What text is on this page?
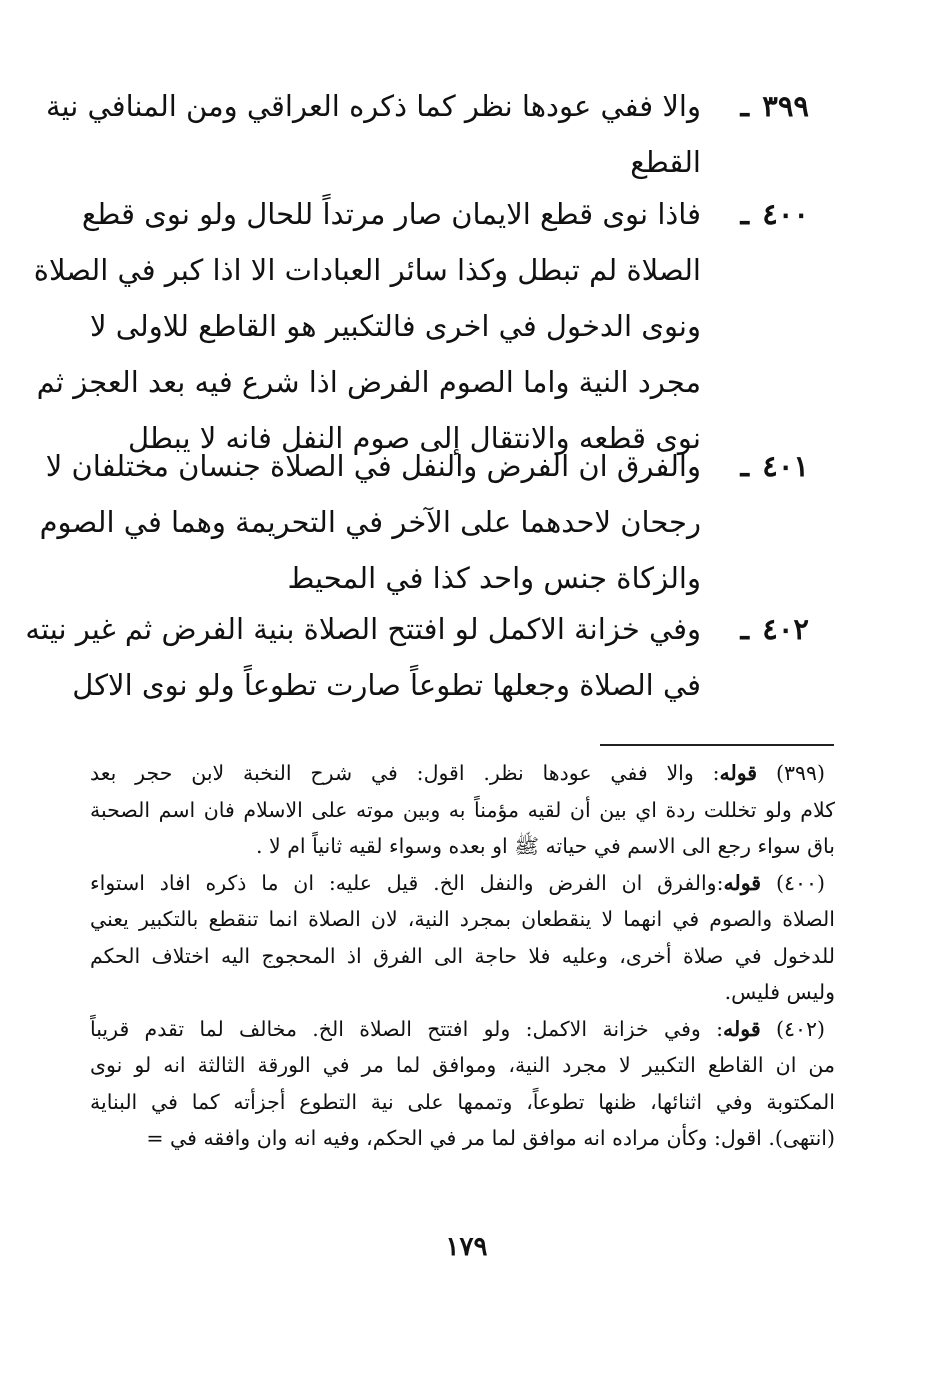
٣٩٩
ـ
والا ففي عودها نظر كما ذكره العراقي ومن المنافي نية
القطع
٤٠٠
ـ
فاذا نوى قطع الايمان صار مرتداً للحال ولو نوى قطع
الصلاة لم تبطل وكذا سائر العبادات الا اذا كبر في الصلاة
ونوى الدخول في اخرى فالتكبير هو القاطع للاولى لا
مجرد النية واما الصوم الفرض اذا شرع فيه بعد العجز ثم
نوى قطعه والانتقال إلى صوم النفل فانه لا يبطل
٤٠١
ـ
والفرق ان الفرض والنفل في الصلاة جنسان مختلفان لا
رجحان لاحدهما على الآخر في التحريمة وهما في الصوم
والزكاة جنس واحد كذا في المحيط
٤٠٢
ـ
وفي خزانة الاكمل لو افتتح الصلاة بنية الفرض ثم غير نيته
في الصلاة وجعلها تطوعاً صارت تطوعاً ولو نوى الاكل
(٣٩٩) قوله: والا ففي عودها نظر. اقول: في شرح النخبة لابن حجر بعد
كلام ولو تخللت ردة اي بين أن لقيه مؤمناً به وبين موته على الاسلام فان اسم الصحبة
باق سواء رجع الى الاسم في حياته ﷺ او بعده وسواء لقيه ثانياً ام لا .
(٤٠٠) قوله:والفرق ان الفرض والنفل الخ. قيل عليه: ان ما ذكره افاد استواء
الصلاة والصوم في انهما لا ينقطعان بمجرد النية، لان الصلاة انما تنقطع بالتكبير يعني
للدخول في صلاة أخرى، وعليه فلا حاجة الى الفرق اذ المحجوج اليه اختلاف الحكم
وليس فليس.
(٤٠٢) قوله: وفي خزانة الاكمل: ولو افتتح الصلاة الخ. مخالف لما تقدم قريباً
من ان القاطع التكبير لا مجرد النية، وموافق لما مر في الورقة الثالثة انه لو نوى
المكتوبة وفي اثنائها، ظنها تطوعاً، وتممها على نية التطوع أجزأته كما في البناية
(انتهى). اقول: وكأن مراده انه موافق لما مر في الحكم، وفيه انه وان وافقه في =
١٧٩
